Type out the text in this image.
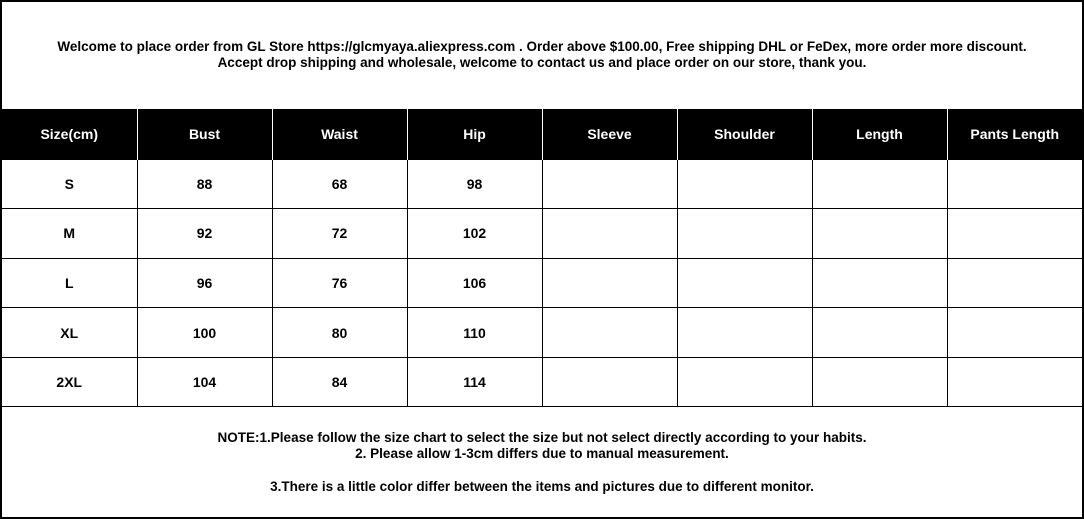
Welcome to place order from GL Store https://glcmyaya.aliexpress.com . Order above $100.00, Free shipping DHL or FeDex, more order more discount.
Accept drop shipping and wholesale, welcome to contact us and place order on our store, thank you.
Size(cm)	Bust	Waist	Hip	Sleeve	Shoulder	Length	Pants Length
S	88	68	98				
M	92	72	102				
L	96	76	106				
XL	100	80	110				
2XL	104	84	114				
NOTE:1.Please follow the size chart to select the size but not select directly according to your habits.
2. Please allow 1-3cm differs due to manual measurement.
3.There is a little color differ between the items and pictures due to different monitor.
